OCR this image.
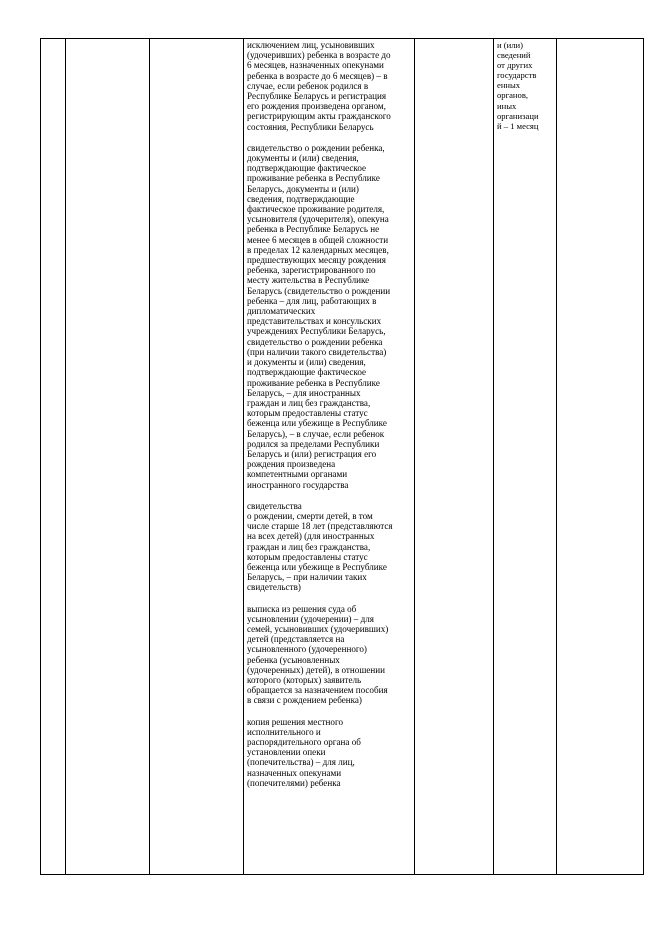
исключением лиц, усыновивших
(удочеривших) ребенка в возрасте до
6 месяцев, назначенных опекунами
ребенка в возрасте до 6 месяцев) – в
случае, если ребенок родился в
Республике Беларусь и регистрация
его рождения произведена органом,
регистрирующим акты гражданского
состояния, Республики Беларусь
свидетельство о рождении ребенка,
документы и (или) сведения,
подтверждающие фактическое
проживание ребенка в Республике
Беларусь, документы и (или)
сведения, подтверждающие
фактическое проживание родителя,
усыновителя (удочерителя), опекуна
ребенка в Республике Беларусь не
менее 6 месяцев в общей сложности
в пределах 12 календарных месяцев,
предшествующих месяцу рождения
ребенка, зарегистрированного по
месту жительства в Республике
Беларусь (свидетельство о рождении
ребенка – для лиц, работающих в
дипломатических
представительствах и консульских
учреждениях Республики Беларусь,
свидетельство о рождении ребенка
(при наличии такого свидетельства)
и документы и (или) сведения,
подтверждающие фактическое
проживание ребенка в Республике
Беларусь, – для иностранных
граждан и лиц без гражданства,
которым предоставлены статус
беженца или убежище в Республике
Беларусь), – в случае, если ребенок
родился за пределами Республики
Беларусь и (или) регистрация его
рождения произведена
компетентными органами
иностранного государства
свидетельства
о рождении, смерти детей, в том
числе старше 18 лет (представляются
на всех детей) (для иностранных
граждан и лиц без гражданства,
которым предоставлены статус
беженца или убежище в Республике
Беларусь, – при наличии таких
свидетельств)
выписка из решения суда об
усыновлении (удочерении) – для
семей, усыновивших (удочеривших)
детей (представляется на
усыновленного (удочеренного)
ребенка (усыновленных
(удочеренных) детей), в отношении
которого (которых) заявитель
обращается за назначением пособия
в связи с рождением ребенка)
копия решения местного
исполнительного и
распорядительного органа об
установлении опеки
(попечительства) – для лиц,
назначенных опекунами
(попечителями) ребенка

и (или)
сведений
от других
государств
енных
органов,
иных
организаци
й – 1 месяц
